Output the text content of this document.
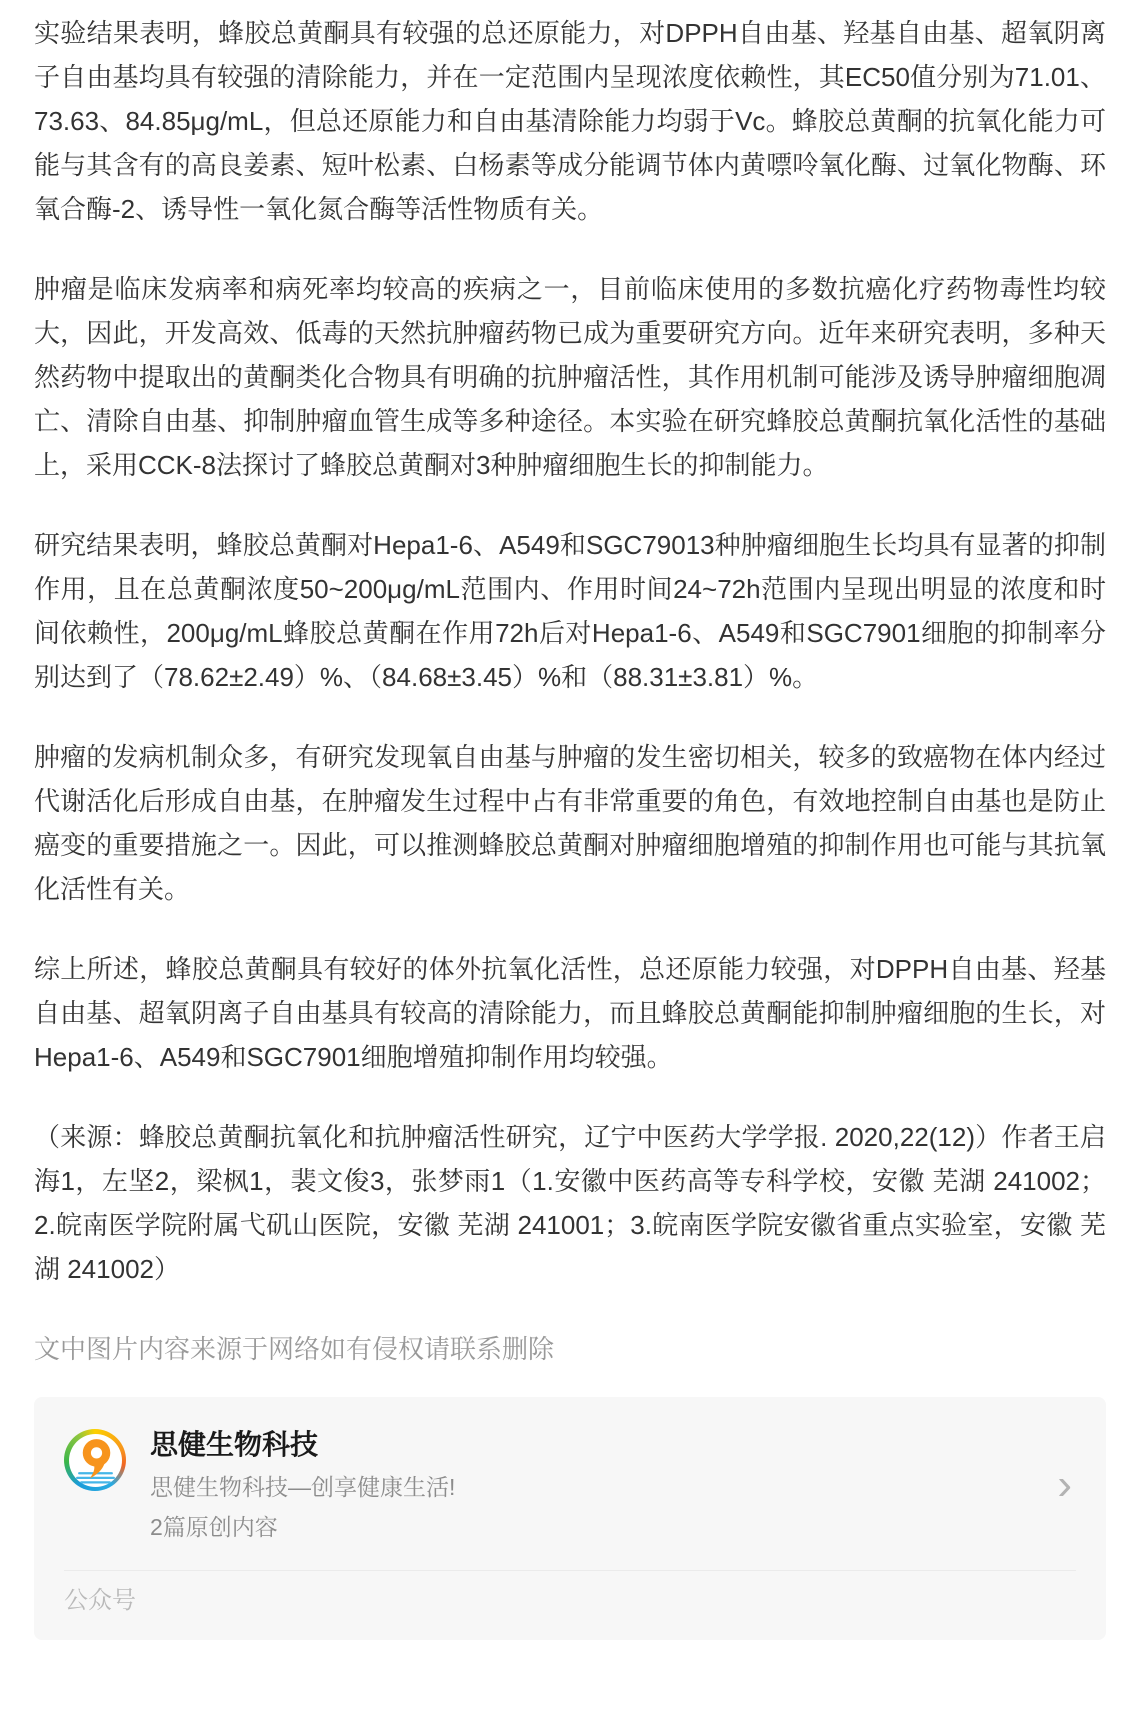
实验结果表明，蜂胶总黄酮具有较强的总还原能力，对DPPH自由基、羟基自由基、超氧阴离子自由基均具有较强的清除能力，并在一定范围内呈现浓度依赖性，其EC50值分别为71.01、73.63、84.85μg/mL，但总还原能力和自由基清除能力均弱于Vc。蜂胶总黄酮的抗氧化能力可能与其含有的高良姜素、短叶松素、白杨素等成分能调节体内黄嘌呤氧化酶、过氧化物酶、环氧合酶-2、诱导性一氧化氮合酶等活性物质有关。

肿瘤是临床发病率和病死率均较高的疾病之一，目前临床使用的多数抗癌化疗药物毒性均较大，因此，开发高效、低毒的天然抗肿瘤药物已成为重要研究方向。近年来研究表明，多种天然药物中提取出的黄酮类化合物具有明确的抗肿瘤活性，其作用机制可能涉及诱导肿瘤细胞凋亡、清除自由基、抑制肿瘤血管生成等多种途径。本实验在研究蜂胶总黄酮抗氧化活性的基础上，采用CCK-8法探讨了蜂胶总黄酮对3种肿瘤细胞生长的抑制能力。

研究结果表明，蜂胶总黄酮对Hepa1-6、A549和SGC79013种肿瘤细胞生长均具有显著的抑制作用，且在总黄酮浓度50~200μg/mL范围内、作用时间24~72h范围内呈现出明显的浓度和时间依赖性，200μg/mL蜂胶总黄酮在作用72h后对Hepa1-6、A549和SGC7901细胞的抑制率分别达到了（78.62±2.49）%、（84.68±3.45）%和（88.31±3.81）%。

肿瘤的发病机制众多，有研究发现氧自由基与肿瘤的发生密切相关，较多的致癌物在体内经过代谢活化后形成自由基，在肿瘤发生过程中占有非常重要的角色，有效地控制自由基也是防止癌变的重要措施之一。因此，可以推测蜂胶总黄酮对肿瘤细胞增殖的抑制作用也可能与其抗氧化活性有关。

综上所述，蜂胶总黄酮具有较好的体外抗氧化活性，总还原能力较强，对DPPH自由基、羟基自由基、超氧阴离子自由基具有较高的清除能力，而且蜂胶总黄酮能抑制肿瘤细胞的生长，对Hepa1-6、A549和SGC7901细胞增殖抑制作用均较强。

（来源：蜂胶总黄酮抗氧化和抗肿瘤活性研究，辽宁中医药大学学报. 2020,22(12)）作者王启海1，左坚2，梁枫1，裴文俊3，张梦雨1（1.安徽中医药高等专科学校，安徽 芜湖 241002；2.皖南医学院附属弋矶山医院，安徽 芜湖 241001；3.皖南医学院安徽省重点实验室，安徽 芜湖 241002）

文中图片内容来源于网络如有侵权请联系删除

思健生物科技
思健生物科技—创享健康生活!
2篇原创内容
›
公众号
